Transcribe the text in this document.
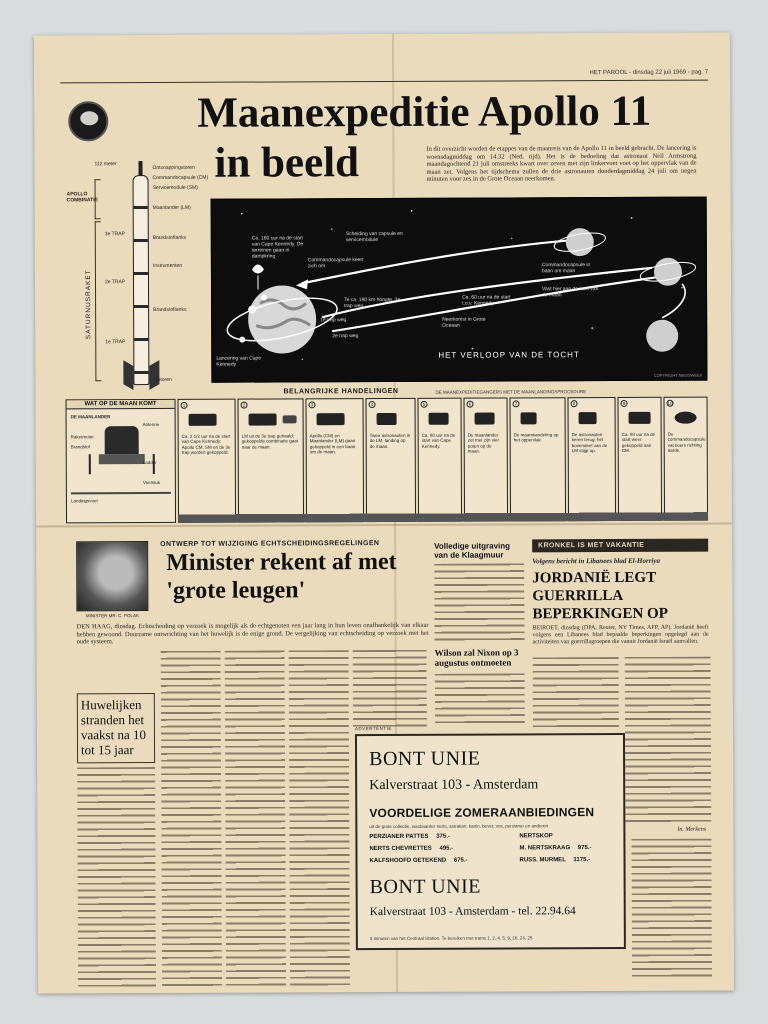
HET PAROOL - dinsdag 22 juli 1969 - pag. 7
Maanexpeditie Apollo 11
in beeld	In dit overzicht worden de etappes van de maanreis van de Apollo 11 in beeld gebracht. De lancering is woensdagmiddag om 14.32 (Ned. tijd). Het is de bedoeling dat astronaut Neil Armstrong maandagochtend 21 juli omstreeks kwart over zeven met zijn linkervoet voet op het oppervlak van de maan zet. Volgens het tijdschema zullen de drie astronauten donderdagmiddag 24 juli om negen minuten voor zes in de Grote Oceaan neerkomen.
112 meter
APOLLO COMBINATIE
SATURNUSRAKET
3e TRAP
2e TRAP
1e TRAP
Ontsnappingstoren
Commandocapsule (CM)
Servicemodule (SM)
Maanlander (LM)
Brandstoftanks
Instrumenten
Brandstoftanks
Motoren
Ca. 160 uur na de start van Cape Kennedy. De terreinen gaan in dampkring
Scheiding van capsule en servicemodule
Commandocapsule keert zich om
Te ca. 190 km hoogte, 3e trap weg
1e trap weg
2e trap weg
Lancering van Cape Kennedy
Neerkomst in Grote Oceaan
Ca. 60 uur na de start t.o.v. Kennedy
Vast hier aan de kant van de maan
Commandocapsule in baan om maan
HET VERLOOP VAN DE TOCHT
COPYRIGHT NEWSWEEK
BELANGRIJKE HANDELINGEN	DE MAANEXPEDITIEGANGERS MET DE MAANLANDINGSPROCEDURE
WAT OP DE MAAN KOMT
DE MAANLANDER
Antenne
Raketmotor
Brandstof
Landingsvoet
Voetstuk
Ladder
1
Ca. 2 1/2 uur na de start van Cape Kennedy: Apollo CM, SM en de 3e trap worden gekoppeld.
2
LM uit de 3e trap gehaald; gekoppelde combinatie gaat naar de maan.
3
Apollo (CM) en Maanlander (LM) gaan gekoppeld in een baan om de maan.
4
Twee astronauten in de LM, landing op de maan.
5
Ca. 88 uur na de start van Cape Kennedy.
6
De maanlander zet met zijn vier poten op de maan.
7
De maanwandeling op het oppervlak.
8
De astronauten keren terug; het bovendeel van de LM stijgt op.
9
Ca. 88 uur na de start weer gekoppeld aan CM.
10
De commandocapsule vat koers richting aarde.
MINISTER MR. C. POLAK
ONTWERP TOT WIJZIGING ECHTSCHEIDINGSREGELINGEN
Minister rekent af met 'grote leugen'
DEN HAAG, dinsdag. Echtscheiding op verzoek is mogelijk als de echtgenoten een jaar lang in hun leven onafhankelijk van elkaar hebben gewoond. Duurzame ontwrichting van het huwelijk is de enige grond. De vergelijking van echtscheiding op verzoek met het oude systeem.
Huwelijken stranden het vaakst na 10 tot 15 jaar
Volledige uitgraving van de Klaagmuur
Wilson zal Nixon op 3 augustus ontmoeten
KRONKEL IS MET VAKANTIE
Volgens bericht in Libanees blad El-Horriya
JORDANIË LEGT GUERRILLA BEPERKINGEN OP
BEIROET, dinsdag (DPA, Reuter, NY Times, AFP, AP). Jordanië heeft volgens een Libanees blad bepaalde beperkingen opgelegd aan de activiteiten van guerrillagroepen die vanuit Jordanië Israël aanvallen.
In. Merkens
ADVERTENTIE
BONT UNIE
Kalverstraat 103 - Amsterdam
VOORDELIGE ZOMERAANBIEDINGEN
uit de grote collectie, wasbaarder nerts, astrakan, kanin, bever, vos, persianer en anderen
PERZIANER PATTES 375.-	NERTSKOP
NERTS CHEVRETTES 495.-	M. NERTSKRAAG 975.-
KALFSHOOFD GETEKEND 675.-	RUSS. MURMEL 1175.-
BONT UNIE
Kalverstraat 103 - Amsterdam - tel. 22.94.64
3 minuten van het Centraal Station. Te bereiken met trams 1, 2, 4, 5, 9, 16, 24, 25
